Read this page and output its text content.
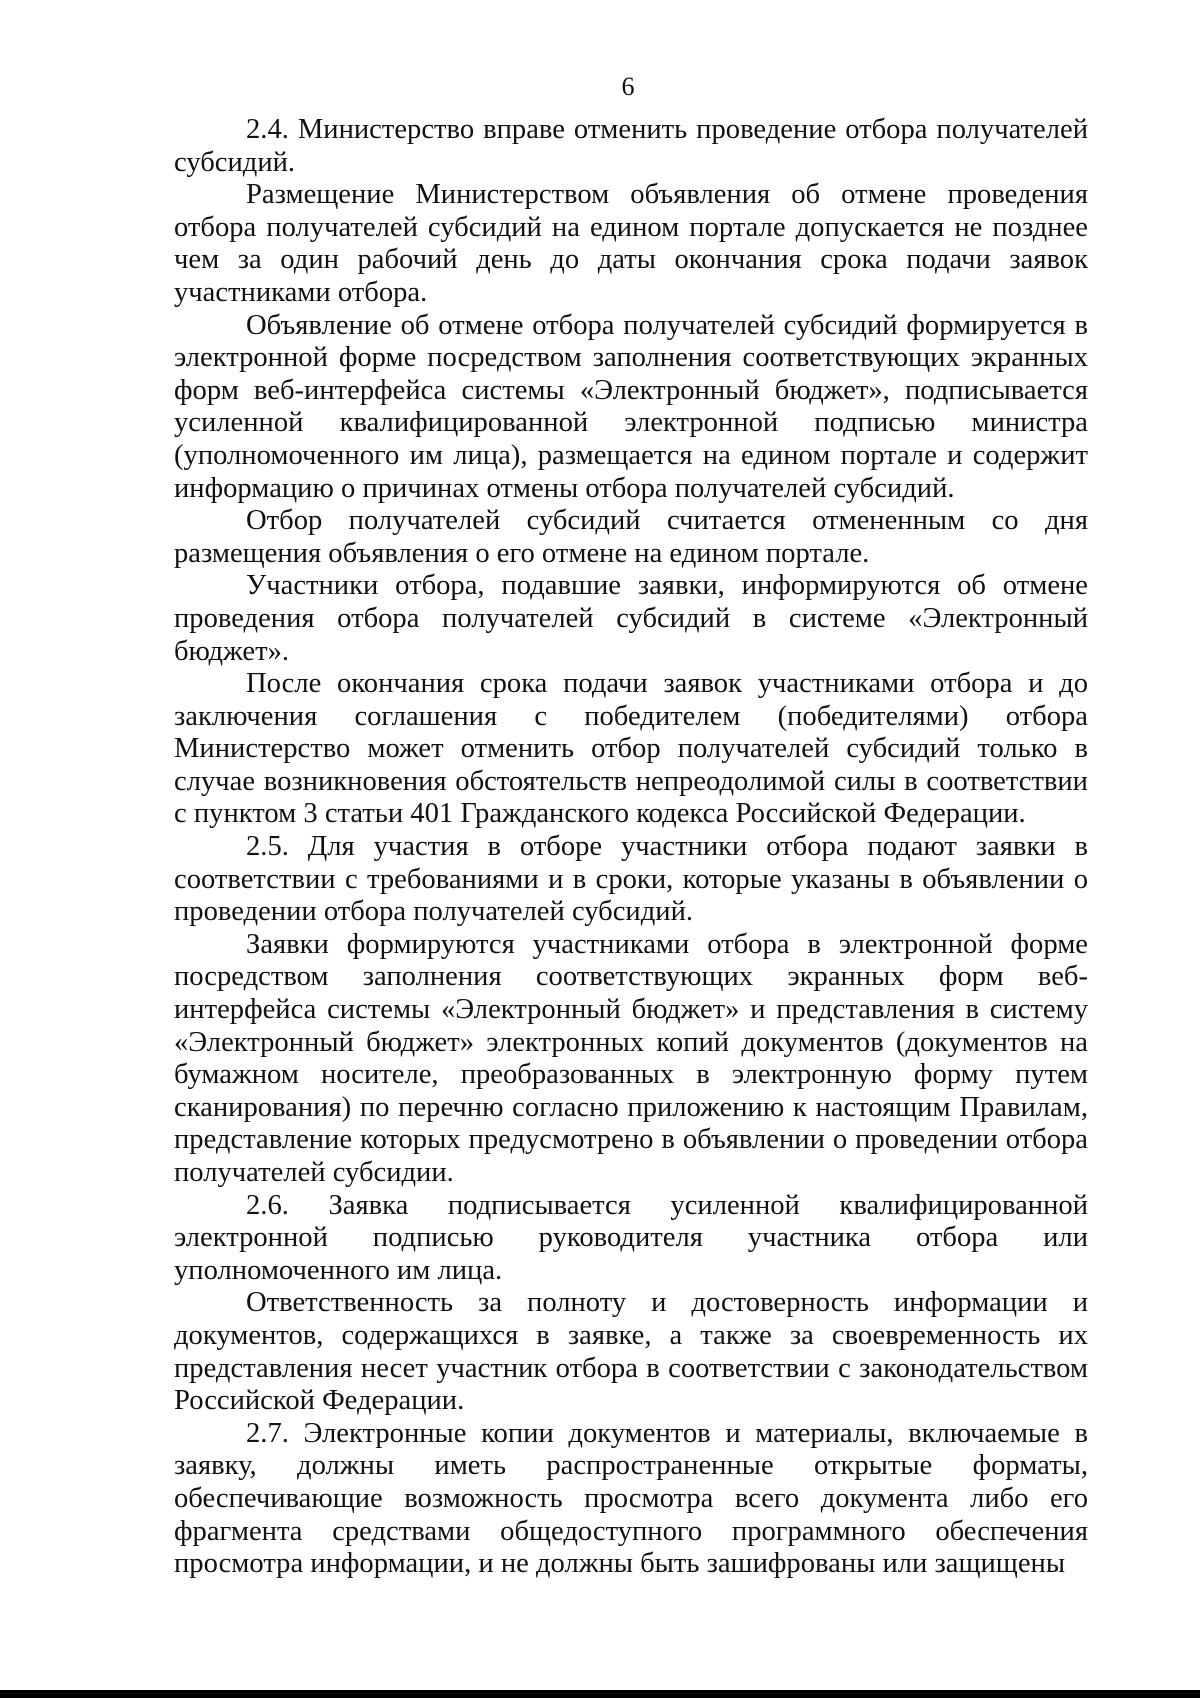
6

2.4. Министерство вправе отменить проведение отбора получателей субсидий.

Размещение Министерством объявления об отмене проведения отбора получателей субсидий на едином портале допускается не позднее чем за один рабочий день до даты окончания срока подачи заявок участниками отбора.

Объявление об отмене отбора получателей субсидий формируется в электронной форме посредством заполнения соответствующих экранных форм веб-интерфейса системы «Электронный бюджет», подписывается усиленной квалифицированной электронной подписью министра (уполномоченного им лица), размещается на едином портале и содержит информацию о причинах отмены отбора получателей субсидий.

Отбор получателей субсидий считается отмененным со дня размещения объявления о его отмене на едином портале.

Участники отбора, подавшие заявки, информируются об отмене проведения отбора получателей субсидий в системе «Электронный бюджет».

После окончания срока подачи заявок участниками отбора и до заключения соглашения с победителем (победителями) отбора Министерство может отменить отбор получателей субсидий только в случае возникновения обстоятельств непреодолимой силы в соответствии с пунктом 3 статьи 401 Гражданского кодекса Российской Федерации.

2.5. Для участия в отборе участники отбора подают заявки в соответствии с требованиями и в сроки, которые указаны в объявлении о проведении отбора получателей субсидий.

Заявки формируются участниками отбора в электронной форме посредством заполнения соответствующих экранных форм веб-интерфейса системы «Электронный бюджет» и представления в систему «Электронный бюджет» электронных копий документов (документов на бумажном носителе, преобразованных в электронную форму путем сканирования) по перечню согласно приложению к настоящим Правилам, представление которых предусмотрено в объявлении о проведении отбора получателей субсидии.

2.6. Заявка подписывается усиленной квалифицированной электронной подписью руководителя участника отбора или уполномоченного им лица.

Ответственность за полноту и достоверность информации и документов, содержащихся в заявке, а также за своевременность их представления несет участник отбора в соответствии с законодательством Российской Федерации.

2.7. Электронные копии документов и материалы, включаемые в заявку, должны иметь распространенные открытые форматы, обеспечивающие возможность просмотра всего документа либо его фрагмента средствами общедоступного программного обеспечения просмотра информации, и не должны быть зашифрованы или защищены
